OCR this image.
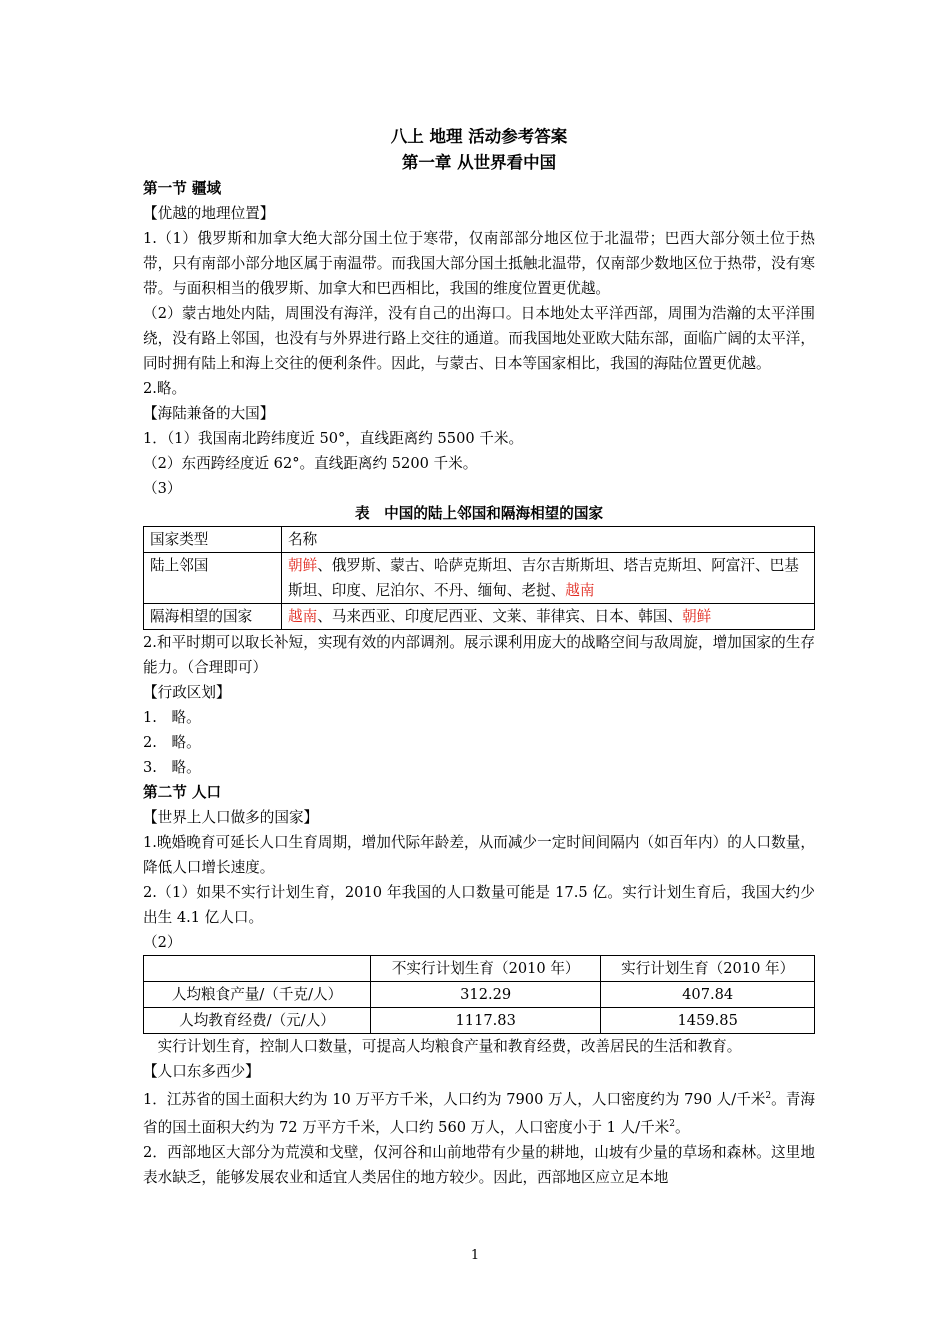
八上 地理 活动参考答案
第一章 从世界看中国
第一节 疆域
【优越的地理位置】
1.（1）俄罗斯和加拿大绝大部分国土位于寒带，仅南部部分地区位于北温带；巴西大部分领土位于热带，只有南部小部分地区属于南温带。而我国大部分国土抵触北温带，仅南部少数地区位于热带，没有寒带。与面积相当的俄罗斯、加拿大和巴西相比，我国的维度位置更优越。
（2）蒙古地处内陆，周围没有海洋，没有自己的出海口。日本地处太平洋西部，周围为浩瀚的太平洋围绕，没有路上邻国，也没有与外界进行路上交往的通道。而我国地处亚欧大陆东部，面临广阔的太平洋，同时拥有陆上和海上交往的便利条件。因此，与蒙古、日本等国家相比，我国的海陆位置更优越。
2.略。
【海陆兼备的大国】
1．（1）我国南北跨纬度近 50°，直线距离约 5500 千米。
（2）东西跨经度近 62°。直线距离约 5200 千米。
（3）
表　中国的陆上邻国和隔海相望的国家
国家类型	名称
陆上邻国	朝鲜、俄罗斯、蒙古、哈萨克斯坦、吉尔吉斯斯坦、塔吉克斯坦、阿富汗、巴基斯坦、印度、尼泊尔、不丹、缅甸、老挝、越南
隔海相望的国家	越南、马来西亚、印度尼西亚、文莱、菲律宾、日本、韩国、朝鲜
2.和平时期可以取长补短，实现有效的内部调剂。展示课利用庞大的战略空间与敌周旋，增加国家的生存能力。（合理即可）
【行政区划】
1.　略。
2.　略。
3.　略。
第二节 人口
【世界上人口做多的国家】
1.晚婚晚育可延长人口生育周期，增加代际年龄差，从而减少一定时间间隔内（如百年内）的人口数量，降低人口增长速度。
2.（1）如果不实行计划生育，2010 年我国的人口数量可能是 17.5 亿。实行计划生育后，我国大约少出生 4.1 亿人口。
（2）
	不实行计划生育（2010 年）	实行计划生育（2010 年）
人均粮食产量/（千克/人）	312.29	407.84
人均教育经费/（元/人）	1117.83	1459.85
　实行计划生育，控制人口数量，可提高人均粮食产量和教育经费，改善居民的生活和教育。
【人口东多西少】
1．江苏省的国土面积大约为 10 万平方千米，人口约为 7900 万人，人口密度约为 790 人/千米$^2$。青海省的国土面积大约为 72 万平方千米，人口约 560 万人，人口密度小于 1 人/千米$^2$。
2．西部地区大部分为荒漠和戈壁，仅河谷和山前地带有少量的耕地，山坡有少量的草场和森林。这里地表水缺乏，能够发展农业和适宜人类居住的地方较少。因此，西部地区应立足本地
1
